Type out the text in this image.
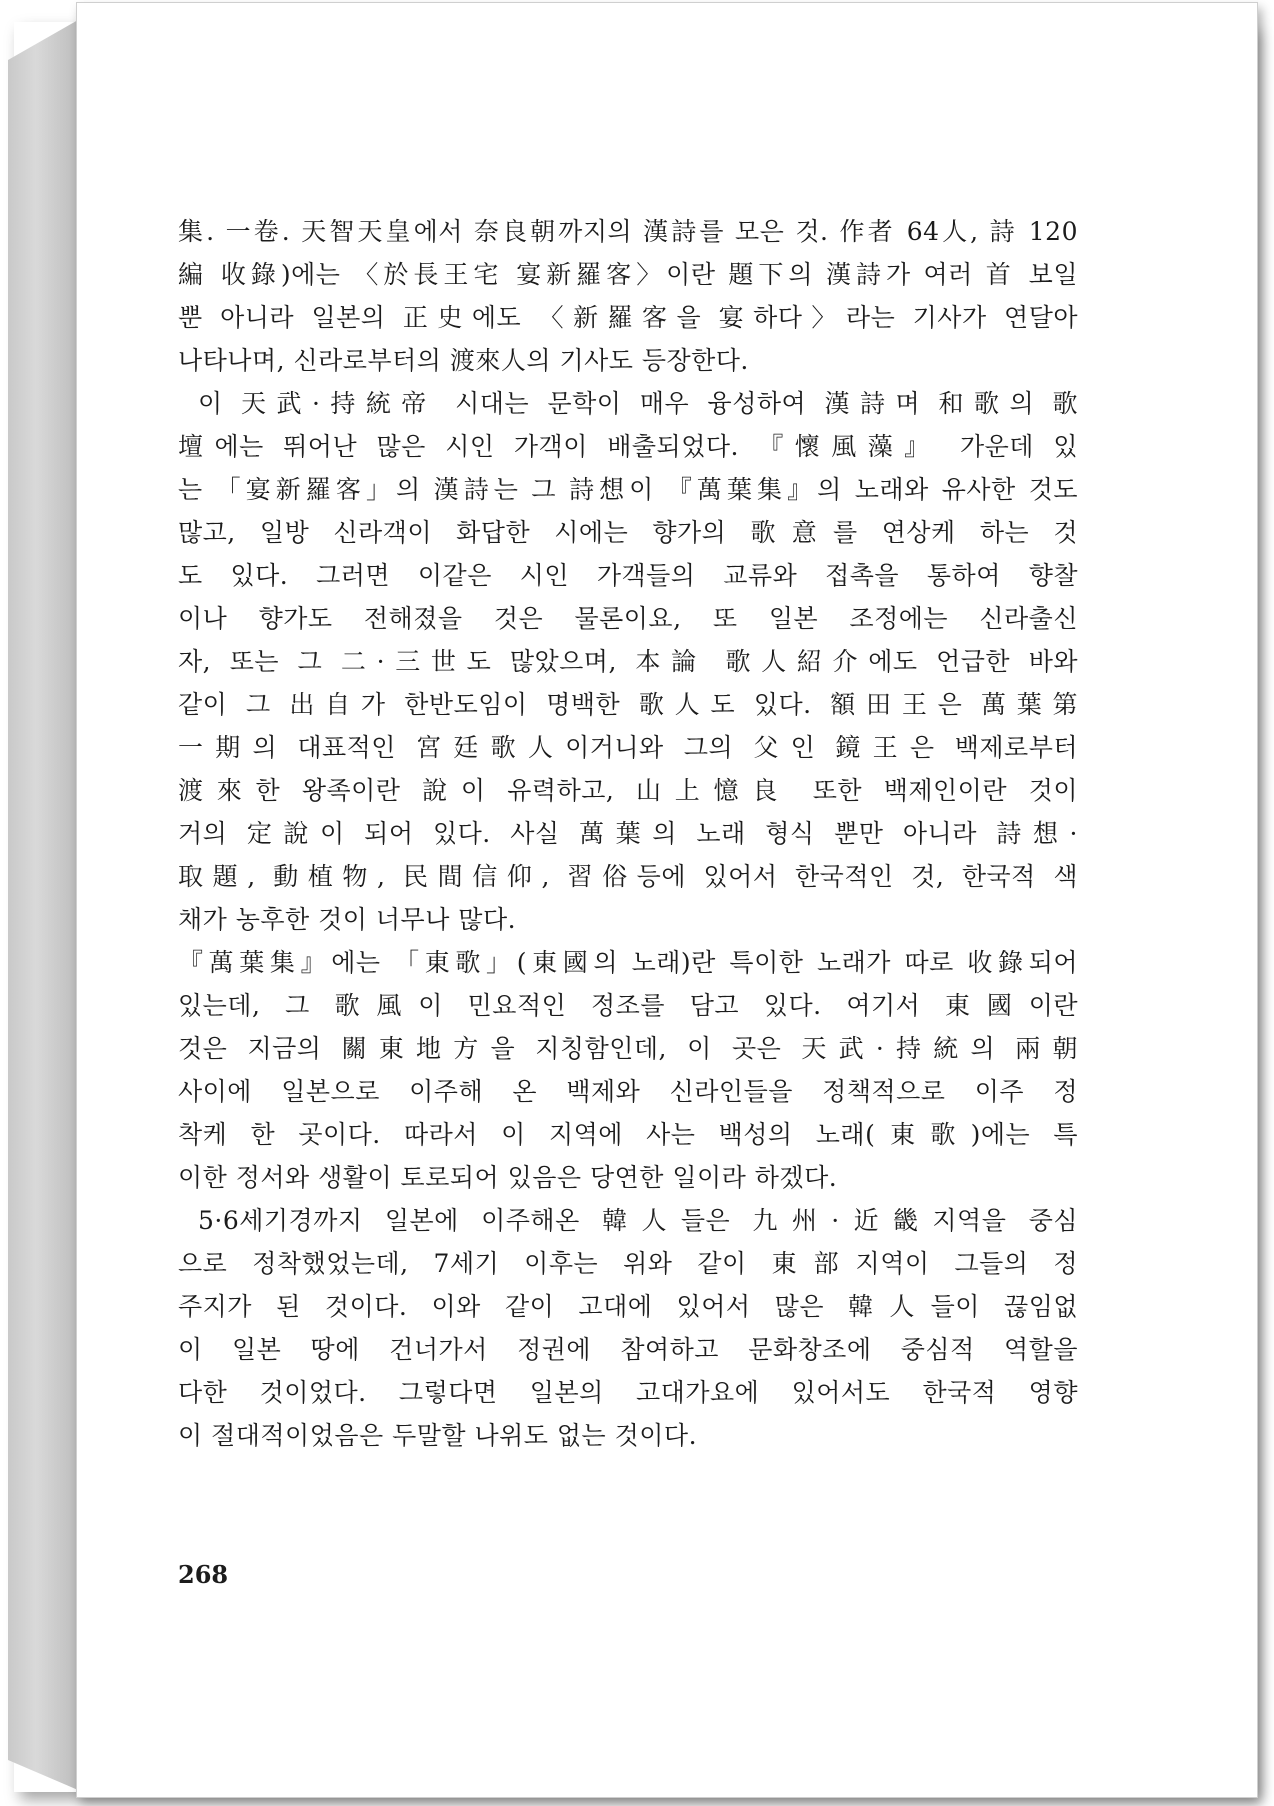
集. 一卷. 天智天皇에서 奈良朝까지의 漢詩를 모은 것. 作者 64人, 詩 120
編 收錄)에는 〈於長王宅 宴新羅客〉이란 題下의 漢詩가 여러 首 보일
뿐 아니라 일본의 正史에도 〈新羅客을 宴하다〉라는 기사가 연달아
나타나며, 신라로부터의 渡來人의 기사도 등장한다.
이 天武·持統帝 시대는 문학이 매우 융성하여 漢詩며 和歌의 歌
壇에는 뛰어난 많은 시인 가객이 배출되었다. 『懷風藻』 가운데 있
는 「宴新羅客」의 漢詩는 그 詩想이 『萬葉集』의 노래와 유사한 것도
많고, 일방 신라객이 화답한 시에는 향가의 歌意를 연상케 하는 것
도 있다. 그러면 이같은 시인 가객들의 교류와 접촉을 통하여 향찰
이나 향가도 전해졌을 것은 물론이요, 또 일본 조정에는 신라출신
자, 또는 그 二·三世도 많았으며, 本論 歌人紹介에도 언급한 바와
같이 그 出自가 한반도임이 명백한 歌人도 있다. 額田王은 萬葉第
一期의 대표적인 宮廷歌人이거니와 그의 父인 鏡王은 백제로부터
渡來한 왕족이란 說이 유력하고, 山上憶良 또한 백제인이란 것이
거의 定說이 되어 있다. 사실 萬葉의 노래 형식 뿐만 아니라 詩想·
取題, 動植物, 民間信仰, 習俗등에 있어서 한국적인 것, 한국적 색
채가 농후한 것이 너무나 많다.
『萬葉集』에는 「東歌」(東國의 노래)란 특이한 노래가 따로 收錄되어
있는데, 그 歌風이 민요적인 정조를 담고 있다. 여기서 東國이란
것은 지금의 關東地方을 지칭함인데, 이 곳은 天武·持統의 兩朝
사이에 일본으로 이주해 온 백제와 신라인들을 정책적으로 이주 정
착케 한 곳이다. 따라서 이 지역에 사는 백성의 노래(東歌)에는 특
이한 정서와 생활이 토로되어 있음은 당연한 일이라 하겠다.
5·6세기경까지 일본에 이주해온 韓人들은 九州·近畿지역을 중심
으로 정착했었는데, 7세기 이후는 위와 같이 東部지역이 그들의 정
주지가 된 것이다. 이와 같이 고대에 있어서 많은 韓人들이 끊임없
이 일본 땅에 건너가서 정권에 참여하고 문화창조에 중심적 역할을
다한 것이었다. 그렇다면 일본의 고대가요에 있어서도 한국적 영향
이 절대적이었음은 두말할 나위도 없는 것이다.
268
